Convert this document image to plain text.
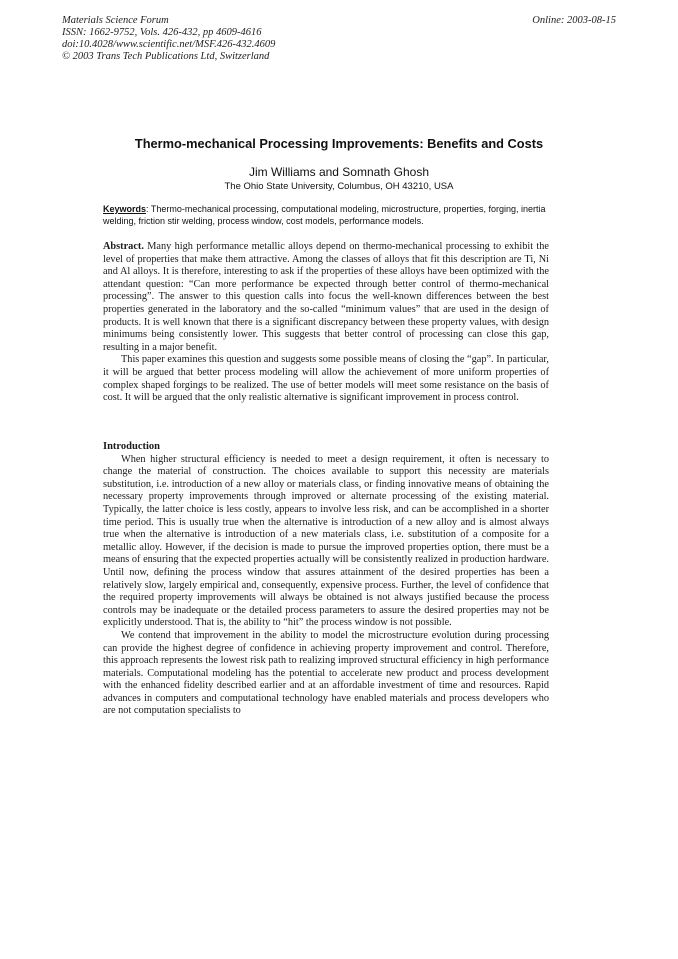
Materials Science Forum
ISSN: 1662-9752, Vols. 426-432, pp 4609-4616
doi:10.4028/www.scientific.net/MSF.426-432.4609
© 2003 Trans Tech Publications Ltd, Switzerland
Online: 2003-08-15
Thermo-mechanical Processing Improvements: Benefits and Costs
Jim Williams and Somnath Ghosh
The Ohio State University, Columbus, OH 43210, USA
Keywords: Thermo-mechanical processing, computational modeling, microstructure, properties, forging, inertia welding, friction stir welding, process window, cost models, performance models.

Abstract. Many high performance metallic alloys depend on thermo-mechanical processing to exhibit the level of properties that make them attractive. Among the classes of alloys that fit this description are Ti, Ni and Al alloys. It is therefore, interesting to ask if the properties of these alloys have been optimized with the attendant question: “Can more performance be expected through better control of thermo-mechanical processing”. The answer to this question calls into focus the well-known differences between the best properties generated in the laboratory and the so-called “minimum values” that are used in the design of products. It is well known that there is a significant discrepancy between these property values, with design minimums being consistently lower. This suggests that better control of processing can close this gap, resulting in a major benefit.

This paper examines this question and suggests some possible means of closing the “gap”. In particular, it will be argued that better process modeling will allow the achievement of more uniform properties of complex shaped forgings to be realized. The use of better models will meet some resistance on the basis of cost. It will be argued that the only realistic alternative is significant improvement in process control.

Introduction

When higher structural efficiency is needed to meet a design requirement, it often is necessary to change the material of construction. The choices available to support this necessity are materials substitution, i.e. introduction of a new alloy or materials class, or finding innovative means of obtaining the necessary property improvements through improved or alternate processing of the existing material. Typically, the latter choice is less costly, appears to involve less risk, and can be accomplished in a shorter time period. This is usually true when the alternative is introduction of a new alloy and is almost always true when the alternative is introduction of a new materials class, i.e. substitution of a composite for a metallic alloy. However, if the decision is made to pursue the improved properties option, there must be a means of ensuring that the expected properties actually will be consistently realized in production hardware. Until now, defining the process window that assures attainment of the desired properties has been a relatively slow, largely empirical and, consequently, expensive process. Further, the level of confidence that the required property improvements will always be obtained is not always justified because the process controls may be inadequate or the detailed process parameters to assure the desired properties may not be explicitly understood. That is, the ability to “hit” the process window is not possible.

We contend that improvement in the ability to model the microstructure evolution during processing can provide the highest degree of confidence in achieving property improvement and control. Therefore, this approach represents the lowest risk path to realizing improved structural efficiency in high performance materials. Computational modeling has the potential to accelerate new product and process development with the enhanced fidelity described earlier and at an affordable investment of time and resources. Rapid advances in computers and computational technology have enabled materials and process developers who are not computation specialists to
